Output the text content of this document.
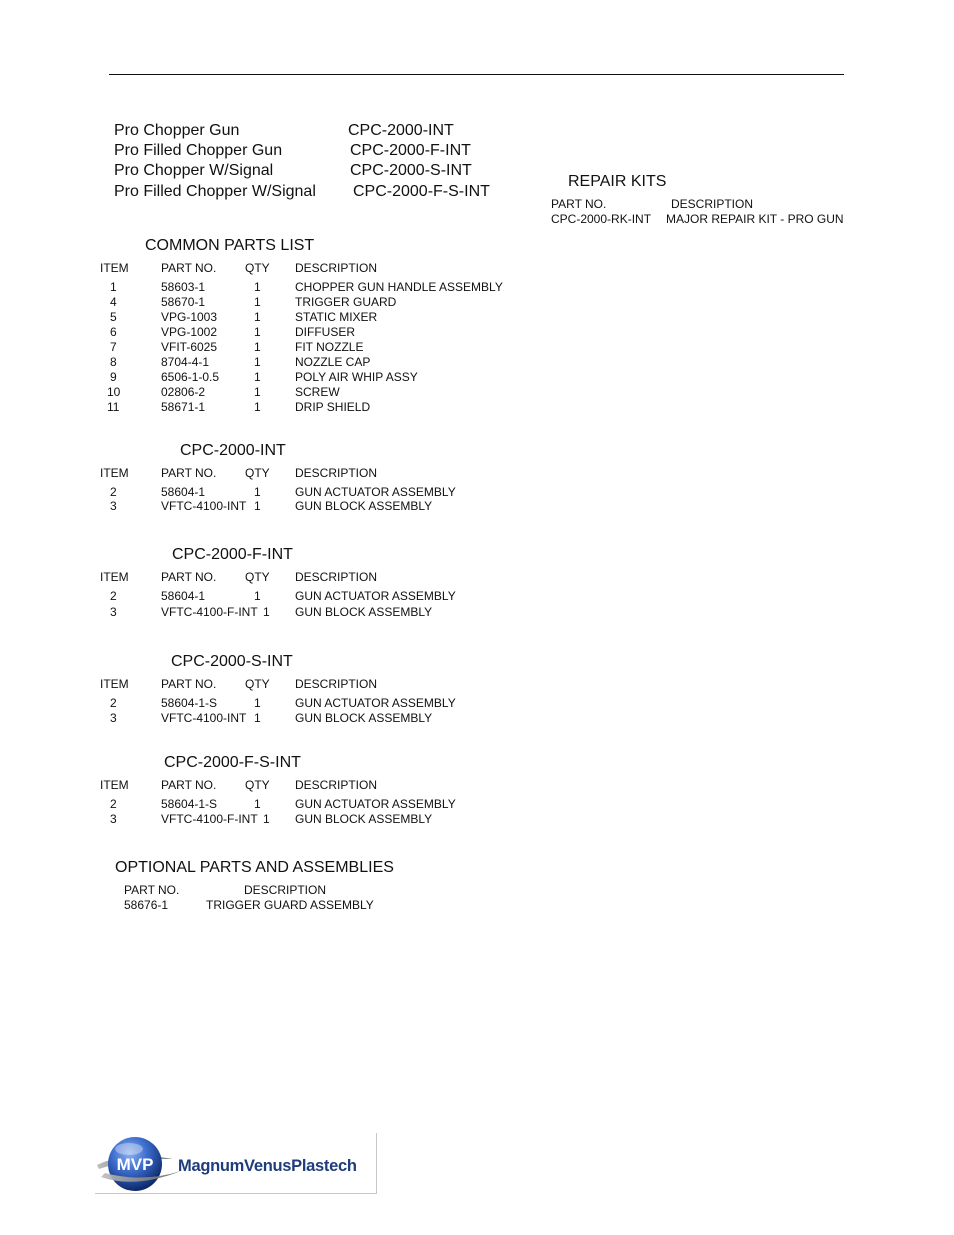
Pro Chopper Gun	CPC-2000-INT
Pro Filled Chopper Gun	CPC-2000-F-INT
Pro Chopper W/Signal	CPC-2000-S-INT
Pro Filled Chopper W/Signal CPC-2000-F-S-INT
REPAIR KITS
PART NO.	DESCRIPTION
CPC-2000-RK-INT MAJOR REPAIR KIT - PRO GUN
COMMON PARTS LIST
ITEM	PART NO. QTY DESCRIPTION
1	58603-1	1	CHOPPER GUN HANDLE ASSEMBLY
4	58670-1	1	TRIGGER GUARD
5	VPG-1003	1	STATIC MIXER
6	VPG-1002	1	DIFFUSER
7	VFIT-6025	1	FIT NOZZLE
8	8704-4-1	1	NOZZLE CAP
9	6506-1-0.5	1	POLY AIR WHIP ASSY
10	02806-2	1	SCREW
11	58671-1	1	DRIP SHIELD
CPC-2000-INT
ITEM	PART NO. QTY DESCRIPTION
2	58604-1	1	GUN ACTUATOR ASSEMBLY
3	VFTC-4100-INT 1	GUN BLOCK ASSEMBLY
CPC-2000-F-INT
ITEM	PART NO. QTY DESCRIPTION
2	58604-1	1	GUN ACTUATOR ASSEMBLY
3	VFTC-4100-F-INT 1 GUN BLOCK ASSEMBLY
CPC-2000-S-INT
ITEM	PART NO. QTY DESCRIPTION
2	58604-1-S	1	GUN ACTUATOR ASSEMBLY
3	VFTC-4100-INT 1	GUN BLOCK ASSEMBLY
CPC-2000-F-S-INT
ITEM	PART NO. QTY DESCRIPTION
2	58604-1-S	1	GUN ACTUATOR ASSEMBLY
3	VFTC-4100-F-INT 1 GUN BLOCK ASSEMBLY
OPTIONAL PARTS AND ASSEMBLIES
PART NO.	DESCRIPTION
58676-1	TRIGGER GUARD ASSEMBLY
MVP MagnumVenusPlastech
